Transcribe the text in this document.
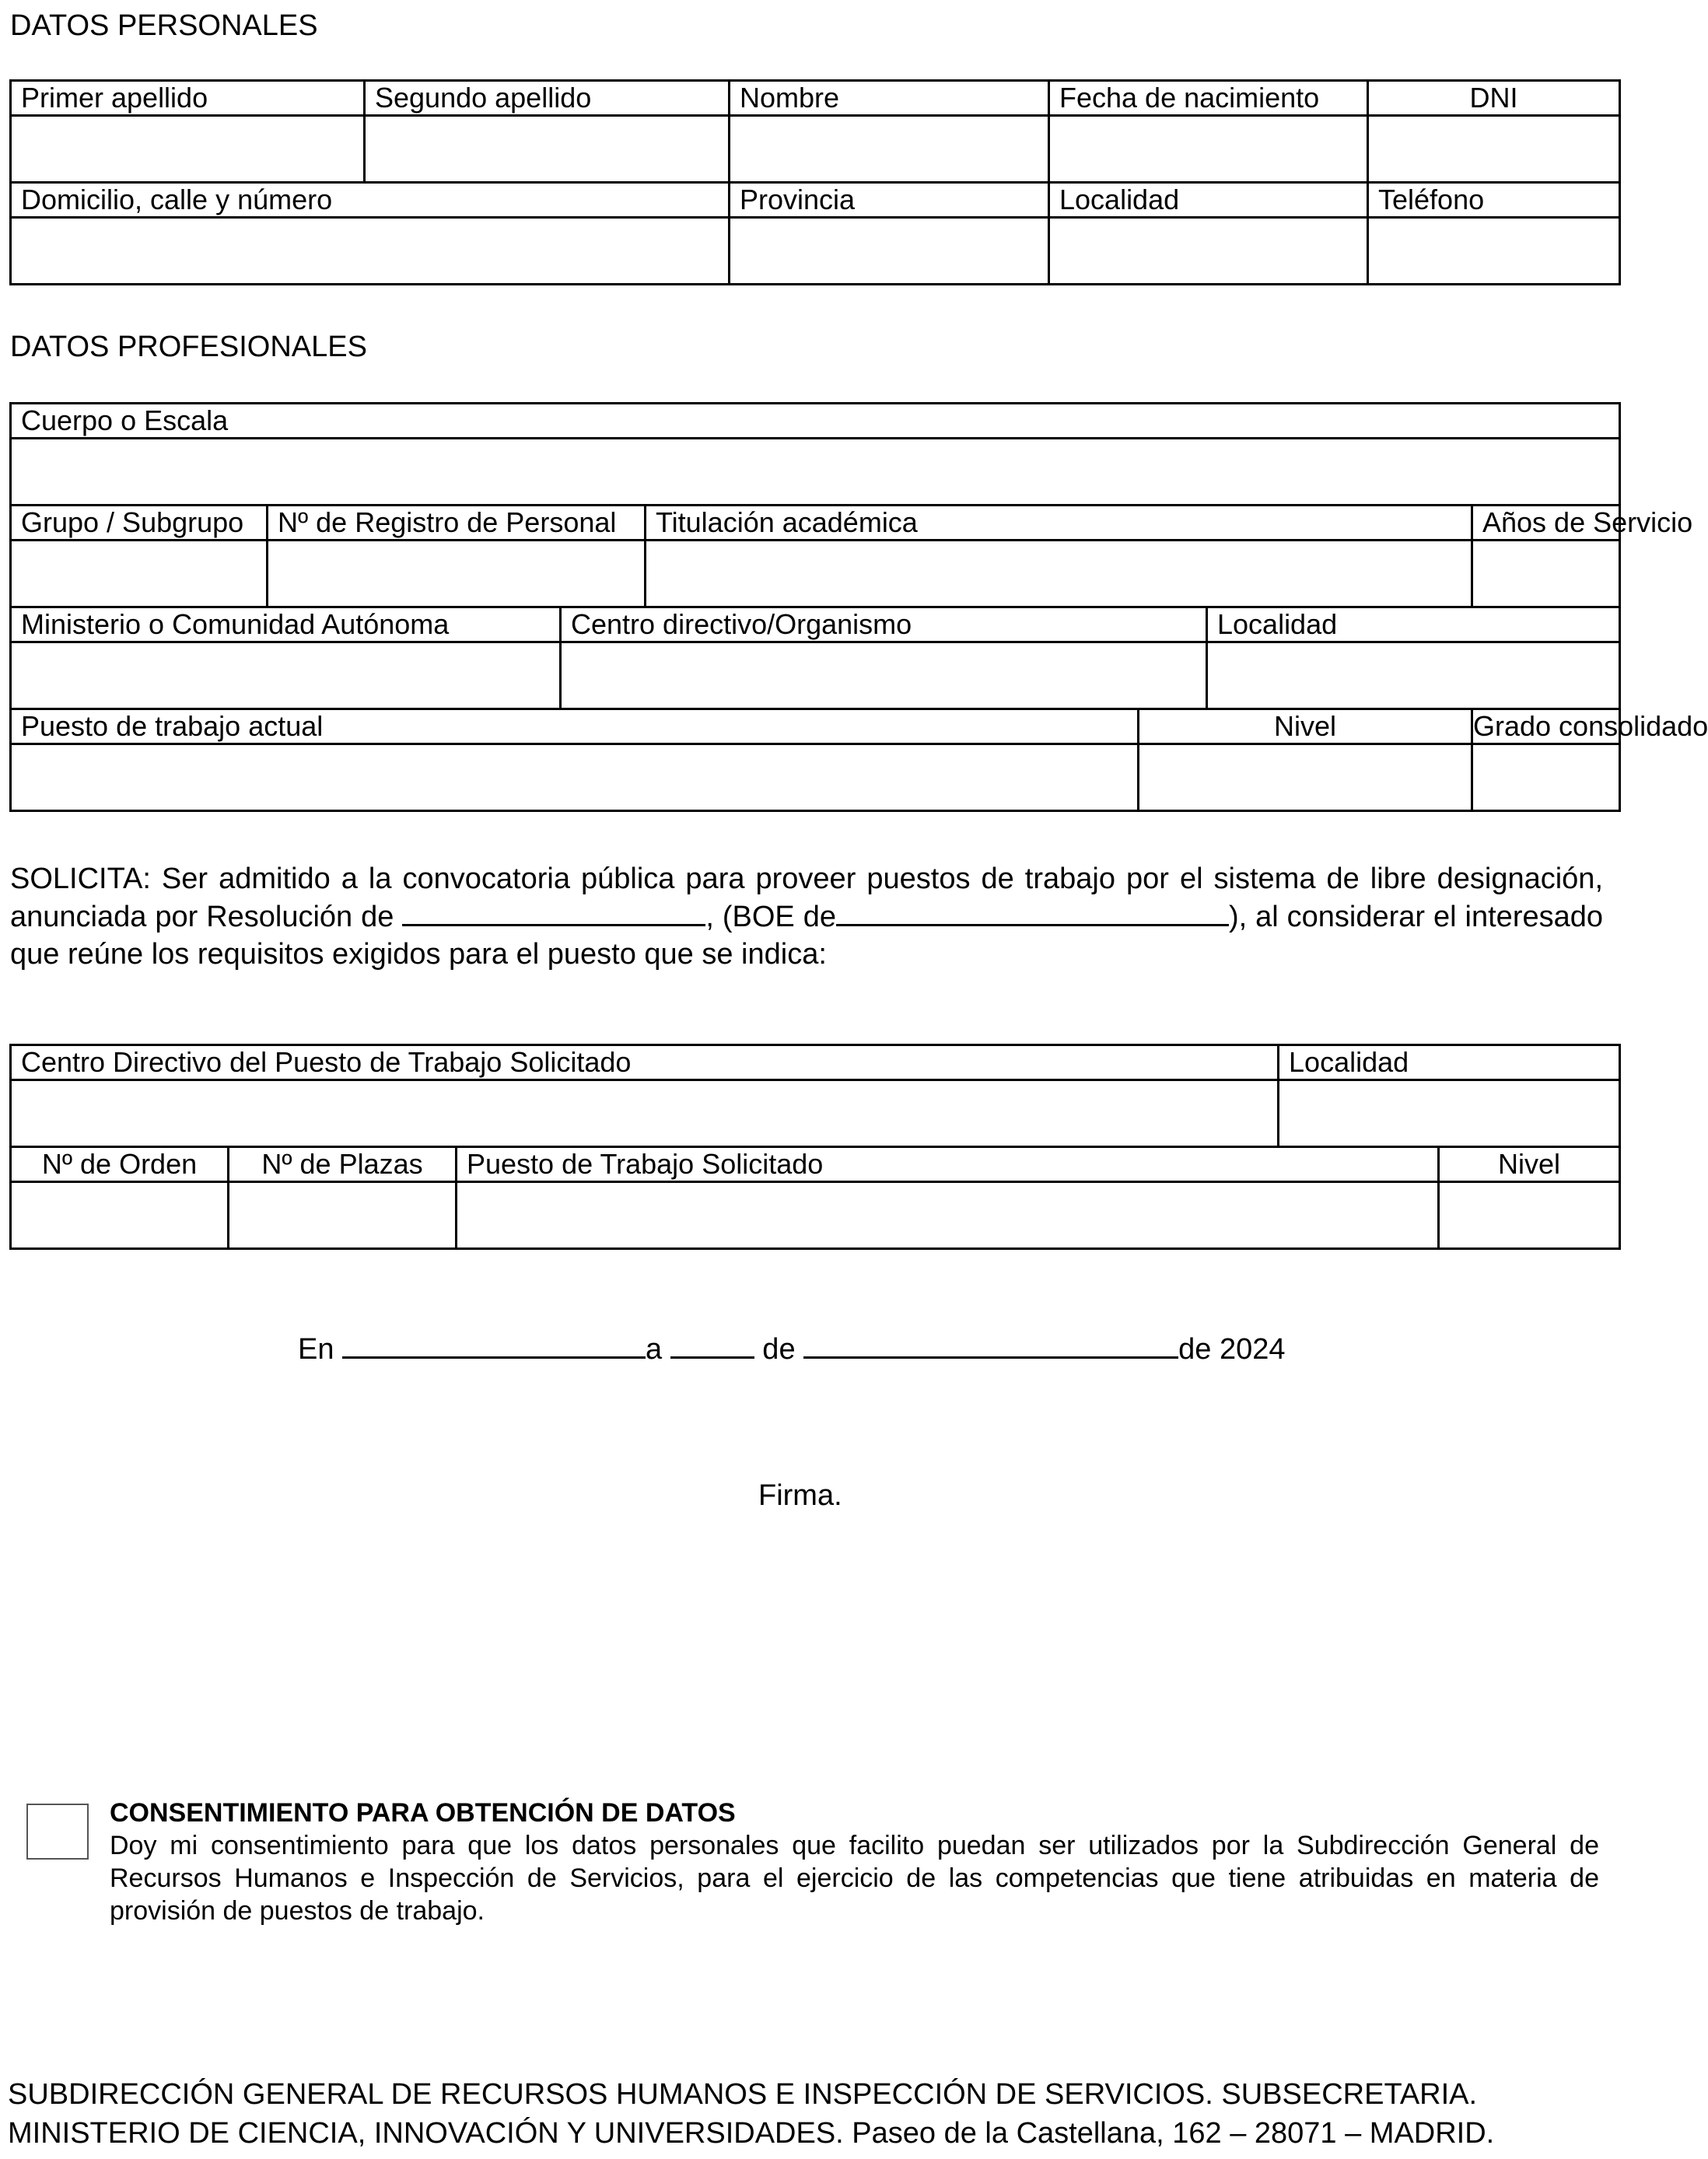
DATOS PERSONALES
Primer apellido	Segundo apellido	Nombre	Fecha de nacimiento	DNI

Domicilio, calle y número		Provincia	Localidad	Teléfono

DATOS PROFESIONALES
Cuerpo o Escala						

Grupo / Subgrupo	Nº de Registro de Personal		Titulación académica			Años de Servicio

Ministerio o Comunidad Autónoma		Centro directivo/Organismo			Localidad	

Puesto de trabajo actual				Nivel		Grado consolidado

SOLICITA: Ser admitido a la convocatoria pública para proveer puestos de trabajo por el sistema de libre designación, anunciada por Resolución de	, (BOE de	), al considerar el interesado que reúne los requisitos exigidos para el puesto que se indica:
Centro Directivo del Puesto de Trabajo Solicitado			Localidad	

Nº de Orden	Nº de Plazas	Puesto de Trabajo Solicitado		Nivel

En	a	de	de 2024
Firma.
CONSENTIMIENTO PARA OBTENCIÓN DE DATOS
Doy mi consentimiento para que los datos personales que facilito puedan ser utilizados por la Subdirección General de Recursos Humanos e Inspección de Servicios, para el ejercicio de las competencias que tiene atribuidas en materia de provisión de puestos de trabajo.
SUBDIRECCIÓN GENERAL DE RECURSOS HUMANOS E INSPECCIÓN DE SERVICIOS. SUBSECRETARIA.
MINISTERIO DE CIENCIA, INNOVACIÓN Y UNIVERSIDADES. Paseo de la Castellana, 162 – 28071 – MADRID.
